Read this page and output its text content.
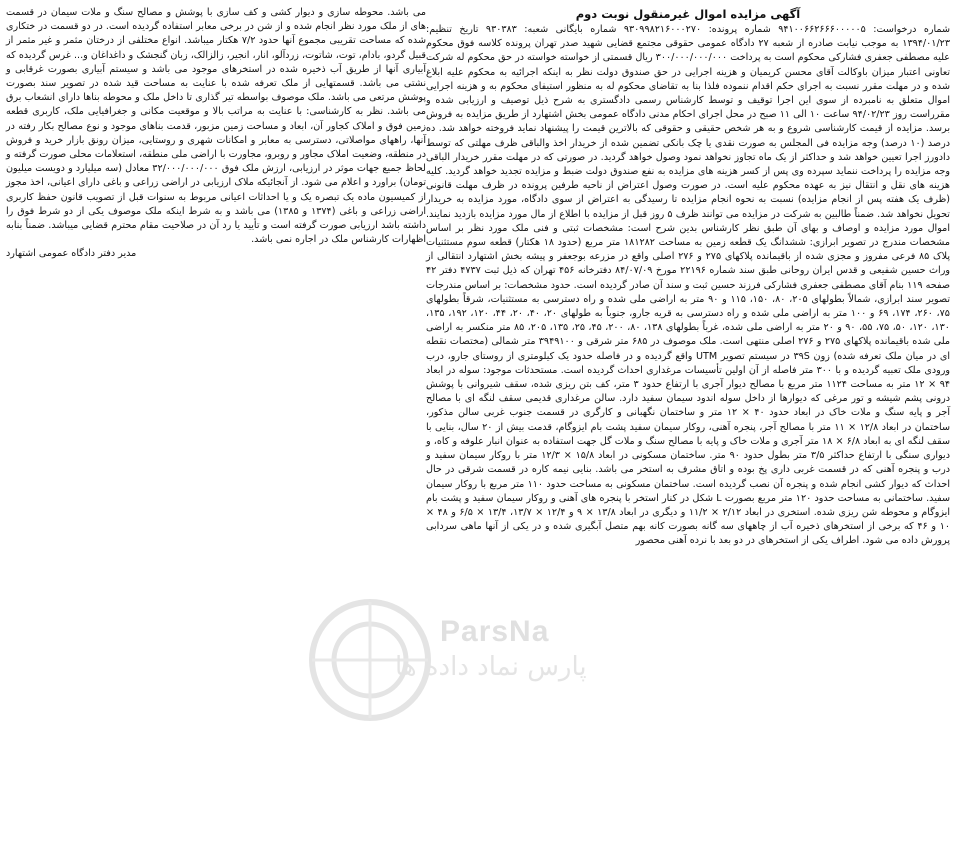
آگهی مزایده اموال غیرمنقول نوبت دوم

شماره درخواست: ۹۴۱۰۰۶۶۲۶۶۶۰۰۰۰۰۵ شماره پرونده: ۹۳۰۹۹۸۲۱۶۰۰۰۲۷۰ شماره بایگانی شعبه: ۹۳۰۳۸۳ تاریخ تنظیم: ۱۳۹۴/۰۱/۲۳ به موجب نیابت صادره از شعبه ۲۷ دادگاه عمومی حقوقی مجتمع قضایی شهید صدر تهران پرونده کلاسه فوق محکوم علیه مصطفی جعفری فشارکی محکوم است به پرداخت ۳۰۰/۰۰۰/۰۰۰/۰۰۰ ریال قسمتی از خواسته خواسته در حق محکوم له شرکت تعاونی اعتبار میزان باوکالت آقای محسن کریمیان و هزینه اجرایی در حق صندوق دولت نظر به اینکه اجرائیه به محکوم علیه ابلاغ شده و در مهلت مقرر نسبت به اجرای حکم اقدام ننموده فلذا بنا به تقاضای محکوم له به منظور استیفای محکوم به و هزینه اجرایی اموال متعلق به نامبرده از سوی این اجرا توقیف و توسط کارشناس رسمی دادگستری به شرح ذیل توصیف و ارزیابی شده و مقرراست روز ۹۴/۰۲/۲۳ ساعت ۱۰ الی ۱۱ صبح در محل اجرای احکام مدنی دادگاه عمومی بخش اشتهارد از طریق مزایده به فروش برسد. مزایده از قیمت کارشناسی شروع و به هر شخص حقیقی و حقوقی که بالاترین قیمت را پیشنهاد نماید فروخته خواهد شد. ده درصد (۱۰ درصد) وجه مزایده فی المجلس به صورت نقدی یا چک بانکی تضمین شده از خریدار اخذ والباقی ظرف مهلتی که توسط دادورز اجرا تعیین خواهد شد و حداکثر از یک ماه تجاوز نخواهد نمود وصول خواهد گردید. در صورتی که در مهلت مقرر خریدار الباقی وجه مزایده را پرداخت ننماید سپرده وی پس از کسر هزینه های مزایده به نفع صندوق دولت ضبط و مزایده تجدید خواهد گردید. کلیه هزینه های نقل و انتقال نیز به عهده محکوم علیه است. در صورت وصول اعتراض از ناحیه طرفین پرونده در ظرف مهلت قانونی (ظرف یک هفته پس از انجام مزایده) نسبت به نحوه انجام مزایده تا رسیدگی به اعتراض از سوی دادگاه، مورد مزایده به خریدار تحویل نخواهد شد. ضمناً طالبین به شرکت در مزایده می توانند ظرف ۵ روز قبل از مزایده با اطلاع از مال مورد مزایده بازدید نمایند. اموال مورد مزایده و اوصاف و بهای آن طبق نظر کارشناس بدین شرح است: مشخصات ثبتی و فنی ملک مورد نظر بر اساس مشخصات مندرج در تصویر ابرازی: ششدانگ یک قطعه زمین به مساحت ۱۸۱۲۸۲ متر مربع (حدود ۱۸ هکتار) قطعه سوم مستثنیات پلاک ۸۵ فرعی مفروز و مجزی شده از باقیمانده پلاکهای ۲۷۵ و ۲۷۶ اصلی واقع در مزرعه بوجعفر و پیشه بخش اشتهارد انتقالی از وراث حسین شفیعی و قدس ایران روحانی طبق سند شماره ۲۲۱۹۶ مورخ ۸۴/۰۷/۰۹ دفترخانه ۴۵۶ تهران که ذیل ثبت ۴۷۳۷ دفتر ۴۲ صفحه ۱۱۹ بنام آقای مصطفی جعفری فشارکی فرزند حسین ثبت و سند آن صادر گردیده است. حدود مشخصات: بر اساس مندرجات تصویر سند ابرازی، شمالاً بطولهای ۲۰۵، ۸۰، ۱۵۰، ۱۱۵ و ۹۰ متر به اراضی ملی شده و راه دسترسی به مستثنیات، شرقاً بطولهای ۷۵، ۲۶۰، ۱۷۴، ۶۹ و ۱۰۰ متر به اراضی ملی شده و راه دسترسی به قریه جارو، جنوباً به طولهای ۲۰، ۴۰، ۲۰، ۴۴، ۱۲۰، ۱۹۲، ۱۳۵، ۱۳۰، ۱۲۰، ۵۰، ۷۵، ۵۵، ۹۰ و ۲۰ متر به اراضی ملی شده، غرباً بطولهای ۱۳۸، ۸۰، ۲۰۰، ۴۵، ۲۵، ۱۳۵، ۲۰۵، ۸۵ متر منکسر به اراضی ملی شده باقیمانده پلاکهای ۲۷۵ و ۲۷۶ اصلی منتهی است. ملک موصوف در ۶۸۵ متر شرقی و ۳۹۴۹۱۰۰ متر شمالی (مختصات نقطه ای در میان ملک تعرفه شده) زون ۳۹S در سیستم تصویر UTM واقع گردیده و در فاصله حدود یک کیلومتری از روستای جارو، درب ورودی ملک تعبیه گردیده و با ۳۰۰ متر فاصله از آن اولین تأسیسات مرغداری احداث گردیده است. مستحدثات موجود: سوله در ابعاد ۹۴ × ۱۲ متر به مساحت ۱۱۲۴ متر مربع با مصالح دیوار آجری با ارتفاع حدود ۳ متر، کف بتن ریزی شده، سقف شیروانی با پوشش درونی پشم شیشه و تور مرغی که دیوارها از داخل سوله اندود سیمان سفید دارد. سالن مرغداری قدیمی سقف لنگه ای با مصالح آجر و پایه سنگ و ملات خاک در ابعاد حدود ۴۰ × ۱۲ متر و ساختمان نگهبانی و کارگری در قسمت جنوب غربی سالن مذکور، ساختمان در ابعاد ۱۲/۸ × ۱۱ متر با مصالح آجر، پنجره آهنی، روکار سیمان سفید پشت بام ایزوگام، قدمت بیش از ۲۰ سال، بنایی با سقف لنگه ای به ابعاد ۶/۸ × ۱۸ متر آجری و ملات خاک و پایه با مصالح سنگ و ملات گل جهت استفاده به عنوان انبار علوفه و کاه، و دیواری سنگی با ارتفاع حداکثر ۳/۵ متر بطول حدود ۹۰ متر. ساختمان مسکونی در ابعاد ۱۵/۸ × ۱۲/۳ متر با روکار سیمان سفید و درب و پنجره آهنی که در قسمت غربی داری پخ بوده و اتاق مشرف به استخر می باشد. بنایی نیمه کاره در قسمت شرقی در حال احداث که دیوار کشی انجام شده و پنجره آن نصب گردیده است. ساختمان مسکونی به مساحت حدود ۱۱۰ متر مربع با روکار سیمان سفید. ساختمانی به مساحت حدود ۱۲۰ متر مربع بصورت L شکل در کنار استخر با پنجره های آهنی و روکار سیمان سفید و پشت بام ایزوگام و محوطه شن ریزی شده. استخری در ابعاد ۲/۱۲ × ۱۱/۲ و دیگری در ابعاد ۱۳/۸ × ۹ و ۱۲/۴ × ۱۳/۷، ۱۳/۴ × ۶/۵ و ۴۸ × ۱۰ و ۴۶ که برخی از استخرهای ذخیره آب از چاههای سه گانه بصورت کانه بهم متصل آبگیری شده و در یکی از آنها ماهی سردابی پرورش داده می شود. اطراف یکی از استخرهای در دو بعد با نرده آهنی محصور

می باشد. محوطه سازی و دیوار کشی و کف سازی با پوشش و مصالح سنگ و ملات سیمان در قسمت های از ملک مورد نظر انجام شده و از شن در برخی معابر استفاده گردیده است. در دو قسمت در ختکاری شده که مساحت تقریبی مجموع آنها حدود ۷/۲ هکتار میباشد. انواع مختلفی از درختان مثمر و غیر مثمر از قبیل گردو، بادام، توت، شاتوت، زردآلو، انار، انجیر، زالزالک، زبان گنجشک و داغداغان و... غرس گردیده که آبیاری آنها از طریق آب ذخیره شده در استخرهای موجود می باشد و سیستم آبیاری بصورت غرقابی و نشتی می باشد. قسمتهایی از ملک تعرفه شده با عنایت به مساحت قید شده در تصویر سند بصورت پوشش مرتعی می باشد. ملک موصوف بواسطه تیر گذاری تا داخل ملک و محوطه بناها دارای انشعاب برق می باشد. نظر به کارشناسی: با عنایت به مراتب بالا و موقعیت مکانی و جغرافیایی ملک، کاربری قطعه زمین فوق و املاک کجاور آن، ابعاد و مساحت زمین مزبور، قدمت بناهای موجود و نوع مصالح بکار رفته در آنها، راههای مواصلاتی، دسترسی به معابر و امکانات شهری و روستایی، میزان رونق بازار خرید و فروش در منطقه، وضعیت املاک مجاور و روبرو، مجاورت با اراضی ملی منطقه، استعلامات محلی صورت گرفته و لحاظ جمیع جهات موثر در ارزیابی، ارزش ملک فوق ۳۲/۰۰۰/۰۰۰/۰۰۰ معادل (سه میلیارد و دویست میلیون تومان) براورد و اعلام می شود. از آنجائیکه ملاک ارزیابی در اراضی زراعی و باغی دارای اعیانی، اخذ مجوز از کمیسیون ماده یک تبصره یک و یا احداثات اعیانی مربوط به سنوات قبل از تصویب قانون حفظ کاربری اراضی زراعی و باغی (۱۳۷۴ و ۱۳۸۵) می باشد و به شرط اینکه ملک موصوف یکی از دو شرط فوق را داشته باشد ارزیابی صورت گرفته است و تأیید یا رد آن در صلاحیت مقام محترم قضایی میباشد. ضمناً بنابه اظهارات کارشناس ملک در اجاره نمی باشد.

مدیر دفتر دادگاه عمومی اشتهارد
ParsNa
پارس نماد داده ها
